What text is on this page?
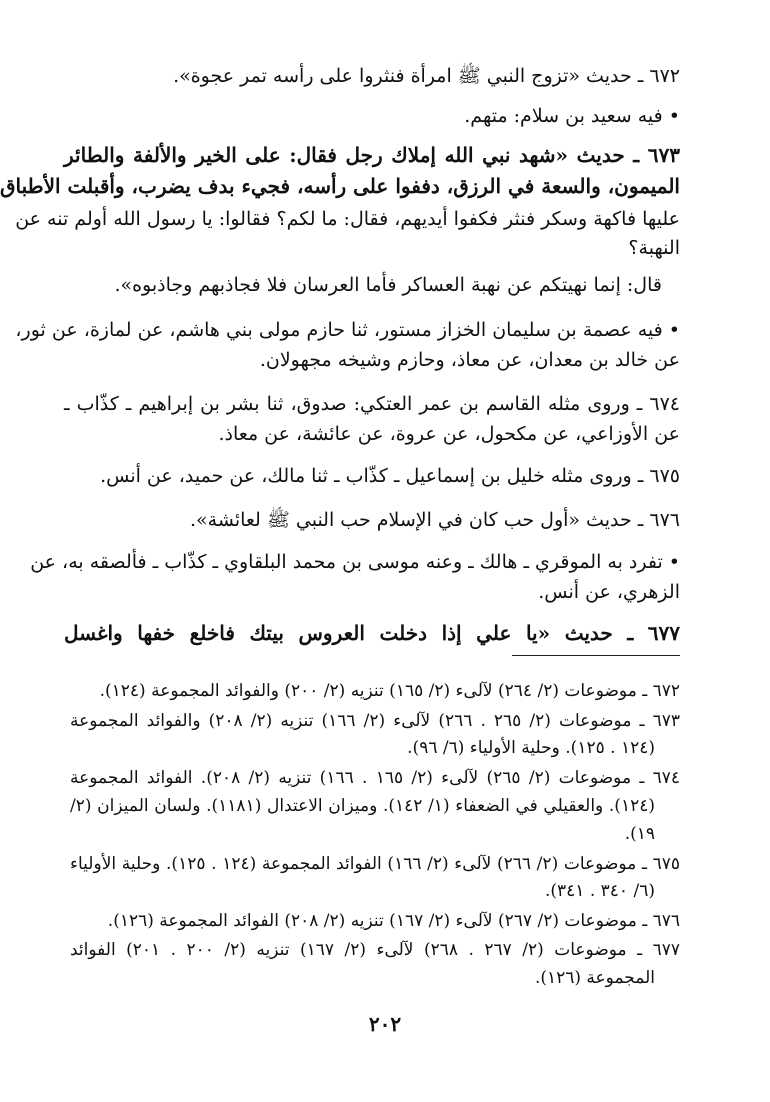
٦٧٢ ـ حديث «تزوج النبي ﷺ امرأة فنثروا على رأسه تمر عجوة».
• فيه سعيد بن سلام: متهم.
٦٧٣ ـ حديث «شهد نبي الله إملاك رجل فقال: على الخير والألفة والطائر
الميمون، والسعة في الرزق، دففوا على رأسه، فجيء بدف يضرب، وأقبلت الأطباق
عليها فاكهة وسكر فنثر فكفوا أيديهم، فقال: ما لكم؟ فقالوا: يا رسول الله أولم تنه عن
النهبة؟
قال: إنما نهيتكم عن نهبة العساكر فأما العرسان فلا فجاذبهم وجاذبوه».
• فيه عصمة بن سليمان الخزاز مستور، ثنا حازم مولى بني هاشم، عن لمازة، عن ثور،
عن خالد بن معدان، عن معاذ، وحازم وشيخه مجهولان.
٦٧٤ ـ وروى مثله القاسم بن عمر العتكي: صدوق، ثنا بشر بن إبراهيم ـ كذّاب ـ
عن الأوزاعي، عن مكحول، عن عروة، عن عائشة، عن معاذ.
٦٧٥ ـ وروى مثله خليل بن إسماعيل ـ كذّاب ـ ثنا مالك، عن حميد، عن أنس.
٦٧٦ ـ حديث «أول حب كان في الإسلام حب النبي ﷺ لعائشة».
• تفرد به الموقري ـ هالك ـ وعنه موسى بن محمد البلقاوي ـ كذّاب ـ فألصقه به، عن
الزهري، عن أنس.
٦٧٧ ـ حديث «يا علي إذا دخلت العروس بيتك فاخلع خفها واغسل
٦٧٢ ـ موضوعات (٢/ ٢٦٤) لآلىء (٢/ ١٦٥) تنزيه (٢/ ٢٠٠) والفوائد المجموعة (١٢٤).
٦٧٣ ـ موضوعات (٢/ ٢٦٥ . ٢٦٦) لآلىء (٢/ ١٦٦) تنزيه (٢/ ٢٠٨) والفوائد المجموعة
(١٢٤ . ١٢٥). وحلية الأولياء (٦/ ٩٦).
٦٧٤ ـ موضوعات (٢/ ٢٦٥) لآلىء (٢/ ١٦٥ . ١٦٦) تنزيه (٢/ ٢٠٨). الفوائد المجموعة
(١٢٤). والعقيلي في الضعفاء (١/ ١٤٢). وميزان الاعتدال (١١٨١). ولسان الميزان (٢/
١٩).
٦٧٥ ـ موضوعات (٢/ ٢٦٦) لآلىء (٢/ ١٦٦) الفوائد المجموعة (١٢٤ . ١٢٥). وحلية الأولياء
(٦/ ٣٤٠ . ٣٤١).
٦٧٦ ـ موضوعات (٢/ ٢٦٧) لآلىء (٢/ ١٦٧) تنزيه (٢/ ٢٠٨) الفوائد المجموعة (١٢٦).
٦٧٧ ـ موضوعات (٢/ ٢٦٧ . ٢٦٨) لآلىء (٢/ ١٦٧) تنزيه (٢/ ٢٠٠ . ٢٠١) الفوائد
المجموعة (١٢٦).
٢٠٢
